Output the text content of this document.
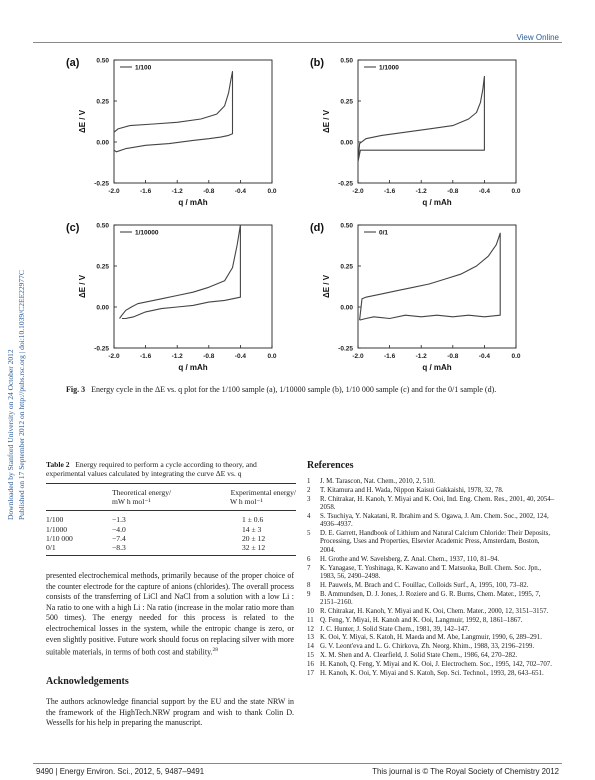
View Online
Downloaded by Stanford University on 24 October 2012 Published on 17 September 2012 on http://pubs.rsc.org | doi:10.1039/C2EE22977C
(a)
-2.0	-1.6	-1.2	-0.8	-0.4	0.0
-0.25
0.00
0.25
0.50
q / mAh
ΔE / V
1/100	(b)
-2.0	-1.6	-1.2	-0.8	-0.4	0.0
-0.25
0.00
0.25
0.50
q / mAh
ΔE / V
1/1000
(c)
-2.0	-1.6	-1.2	-0.8	-0.4	0.0
-0.25
0.00
0.25
0.50
q / mAh
ΔE / V
1/10000	(d)
-2.0	-1.6	-1.2	-0.8	-0.4	0.0
-0.25
0.00
0.25
0.50
q / mAh
ΔE / V
0/1
Fig. 3 Energy cycle in the ΔE vs. q plot for the 1/100 sample (a), 1/10000 sample (b), 1/10 000 sample (c) and for the 0/1 sample (d).
Table 2 Energy required to perform a cycle according to theory, and experimental values calculated by integrating the curve ΔE vs. q
	Theoretical energy/	Experimental energy/
	mW h mol⁻¹	W h mol⁻¹
1/100	−1.3	1 ± 0.6
1/1000	−4.0	14 ± 3
1/10 000	−7.4	20 ± 12
0/1	−8.3	32 ± 12
presented electrochemical methods, primarily because of the proper choice of the counter electrode for the capture of anions (chlorides). The overall process consists of the transferring of LiCl and NaCl from a solution with a low Li : Na ratio to one with a high Li : Na ratio (increase in the molar ratio more than 500 times). The energy needed for this process is related to the electrochemical losses in the system, while the entropic change is zero, or even slightly positive. Future work should focus on replacing silver with more suitable materials, in terms of both cost and stability.$^{28}$
Acknowledgements
The authors acknowledge financial support by the EU and the state NRW in the framework of the HighTech.NRW program and wish to thank Colin D. Wessells for his help in preparing the manuscript.
References
1 J. M. Tarascon, Nat. Chem., 2010, 2, 510.
2 T. Kitamura and H. Wada, Nippon Kaisui Gakkaishi, 1978, 32, 78.
3 R. Chitrakar, H. Kanoh, Y. Miyai and K. Ooi, Ind. Eng. Chem. Res., 2001, 40, 2054–2058.
4 S. Tsuchiya, Y. Nakatani, R. Ibrahim and S. Ogawa, J. Am. Chem. Soc., 2002, 124, 4936–4937.
5 D. E. Garrett, Handbook of Lithium and Natural Calcium Chloride: Their Deposits, Processing, Uses and Properties, Elsevier Academic Press, Amsterdam, Boston, 2004.
6 H. Grothe and W. Savelsberg, Z. Anal. Chem., 1937, 110, 81–94.
7 K. Yanagase, T. Yoshinaga, K. Kawano and T. Matsuoka, Bull. Chem. Soc. Jpn., 1983, 56, 2490–2498.
8 H. Pauwels, M. Brach and C. Fouillac, Colloids Surf., A, 1995, 100, 73–82.
9 B. Ammundsen, D. J. Jones, J. Roziere and G. R. Burns, Chem. Mater., 1995, 7, 2151–2160.
10 R. Chitrakar, H. Kanoh, Y. Miyai and K. Ooi, Chem. Mater., 2000, 12, 3151–3157.
11 Q. Feng, Y. Miyai, H. Kanoh and K. Ooi, Langmuir, 1992, 8, 1861–1867.
12 J. C. Hunter, J. Solid State Chem., 1981, 39, 142–147.
13 K. Ooi, Y. Miyai, S. Katoh, H. Maeda and M. Abe, Langmuir, 1990, 6, 289–291.
14 G. V. Leont'eva and L. G. Chirkova, Zh. Neorg. Khim., 1988, 33, 2196–2199.
15 X. M. Shen and A. Clearfield, J. Solid State Chem., 1986, 64, 270–282.
16 H. Kanoh, Q. Feng, Y. Miyai and K. Ooi, J. Electrochem. Soc., 1995, 142, 702–707.
17 H. Kanoh, K. Ooi, Y. Miyai and S. Katoh, Sep. Sci. Technol., 1993, 28, 643–651.
9490 | Energy Environ. Sci., 2012, 5, 9487–9491	This journal is © The Royal Society of Chemistry 2012
